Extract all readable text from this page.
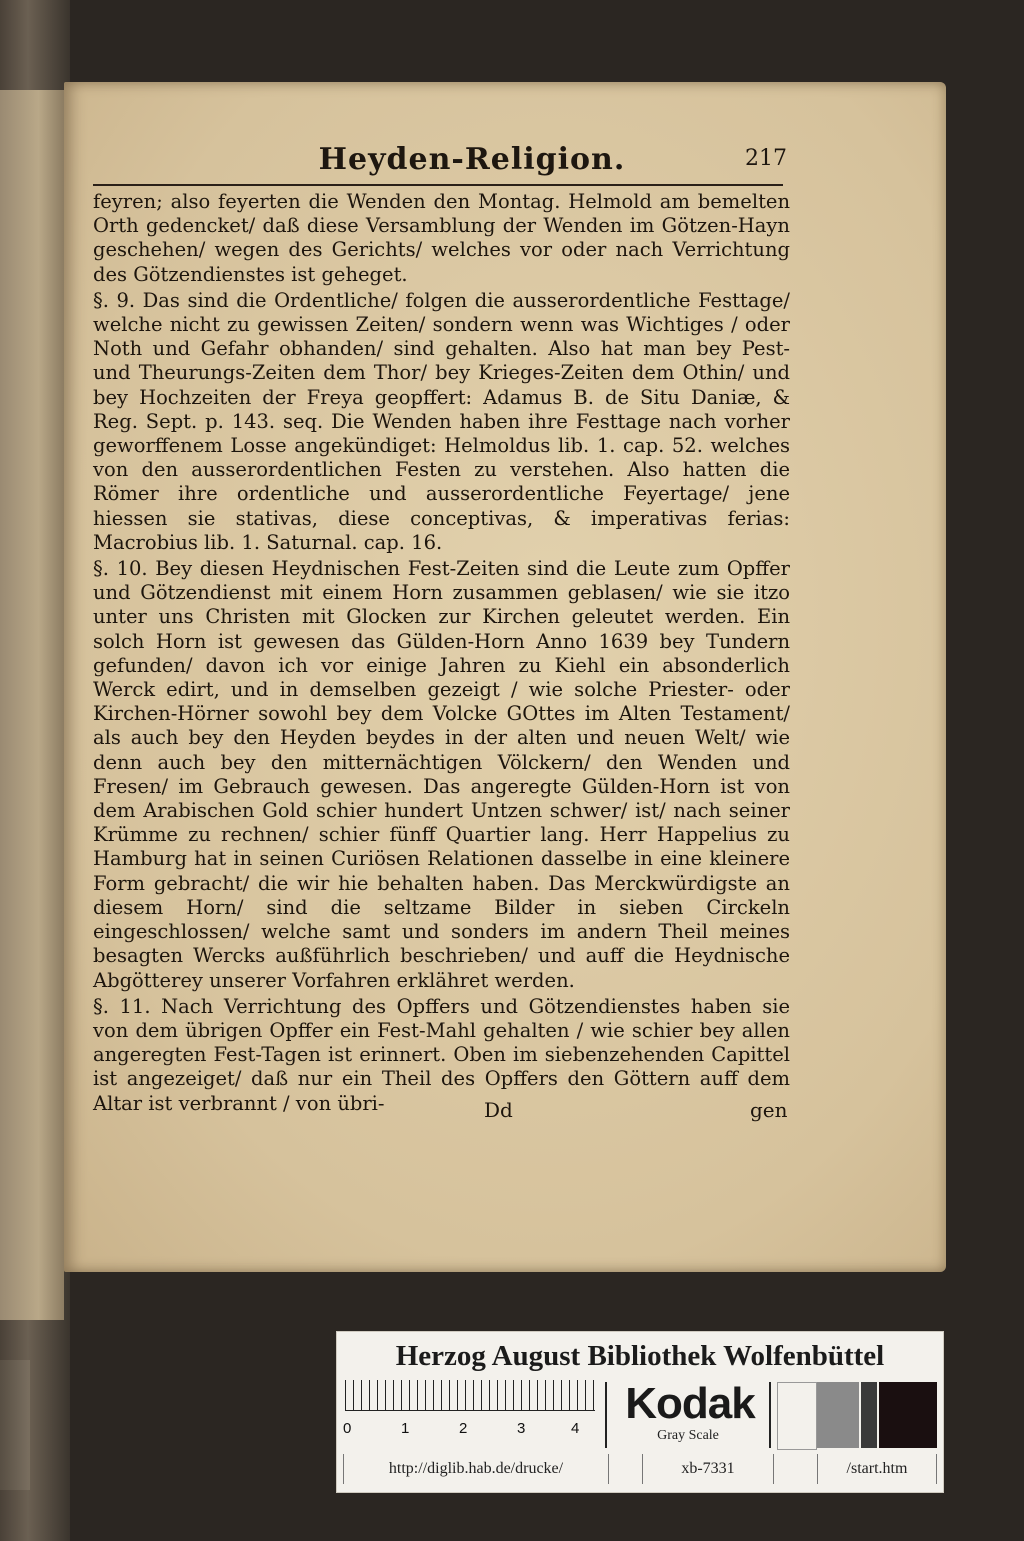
Heyden-Religion.	217

feyren; also feyerten die Wenden den Montag. Helmold am bemelten Orth gedencket/ daß diese Versamblung der Wenden im Götzen-Hayn geschehen/ wegen des Gerichts/ welches vor oder nach Verrichtung des Götzendienstes ist geheget.

§. 9. Das sind die Ordentliche/ folgen die ausserordentliche Festtage/ welche nicht zu gewissen Zeiten/ sondern wenn was Wichtiges / oder Noth und Gefahr obhanden/ sind gehalten. Also hat man bey Pest- und Theurungs-Zeiten dem Thor/ bey Krieges-Zeiten dem Othin/ und bey Hochzeiten der Freya geopffert: Adamus B. de Situ Daniæ, & Reg. Sept. p. 143. seq. Die Wenden haben ihre Festtage nach vorher geworffenem Losse angekündiget: Helmoldus lib. 1. cap. 52. welches von den ausserordentlichen Festen zu verstehen. Also hatten die Römer ihre ordentliche und ausserordentliche Feyertage/ jene hiessen sie stativas, diese conceptivas, & imperativas ferias: Macrobius lib. 1. Saturnal. cap. 16.

§. 10. Bey diesen Heydnischen Fest-Zeiten sind die Leute zum Opffer und Götzendienst mit einem Horn zusammen geblasen/ wie sie itzo unter uns Christen mit Glocken zur Kirchen geleutet werden. Ein solch Horn ist gewesen das Gülden-Horn Anno 1639 bey Tundern gefunden/ davon ich vor einige Jahren zu Kiehl ein absonderlich Werck edirt, und in demselben gezeigt / wie solche Priester- oder Kirchen-Hörner sowohl bey dem Volcke GOttes im Alten Testament/ als auch bey den Heyden beydes in der alten und neuen Welt/ wie denn auch bey den mitternächtigen Völckern/ den Wenden und Fresen/ im Gebrauch gewesen. Das angeregte Gülden-Horn ist von dem Arabischen Gold schier hundert Untzen schwer/ ist/ nach seiner Krümme zu rechnen/ schier fünff Quartier lang. Herr Happelius zu Hamburg hat in seinen Curiösen Relationen dasselbe in eine kleinere Form gebracht/ die wir hie behalten haben. Das Merckwürdigste an diesem Horn/ sind die seltzame Bilder in sieben Circkeln eingeschlossen/ welche samt und sonders im andern Theil meines besagten Wercks außführlich beschrieben/ und auff die Heydnische Abgötterey unserer Vorfahren erklähret werden.

§. 11. Nach Verrichtung des Opffers und Götzendienstes haben sie von dem übrigen Opffer ein Fest-Mahl gehalten / wie schier bey allen angeregten Fest-Tagen ist erinnert. Oben im siebenzehenden Capittel ist angezeiget/ daß nur ein Theil des Opffers den Göttern auff dem Altar ist verbrannt / von übri-	Dd	gen
Herzog August Bibliothek Wolfenbüttel
0	1	2	3	4
Kodak
Gray Scale
http://diglib.hab.de/drucke/	xb-7331	/start.htm
